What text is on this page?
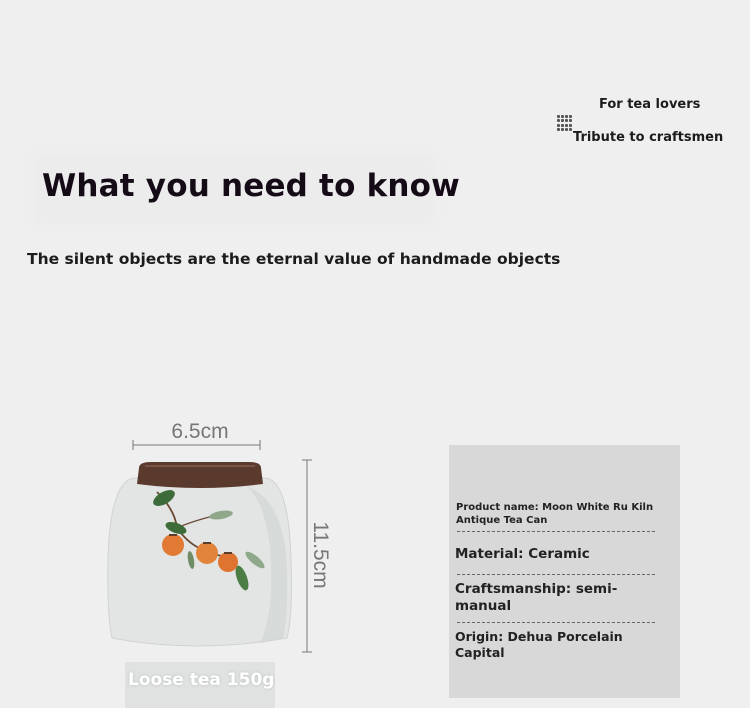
For tea lovers
Tribute to craftsmen
What you need to know

The silent objects are the eternal value of handmade objects

6.5cm
11.5cm
Loose tea 150g
Product name: Moon White Ru Kiln Antique Tea Can
Material: Ceramic
Craftsmanship: semi-manual
Origin: Dehua Porcelain Capital
